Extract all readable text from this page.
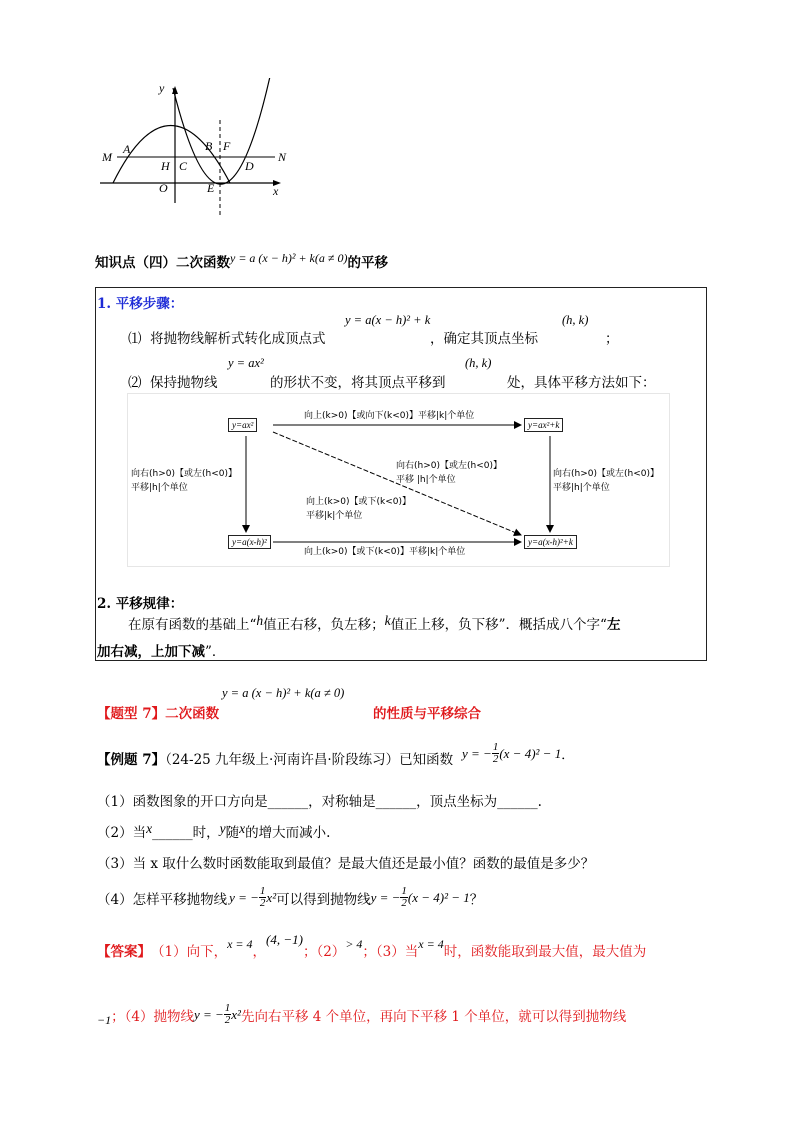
y
x
M	N
A	B F
H C	D
O	E
知识点（四）二次函数y = a (x − h)² + k(a ≠ 0)的平移
1. 平移步骤：
⑴ 将抛物线解析式转化成顶点式
y = a(x − h)² + k
，确定其顶点坐标
(h, k)
；
⑵ 保持抛物线
y = ax²
的形状不变，将其顶点平移到
(h, k)
处，具体平移方法如下：
y=ax²	y=ax²+k
y=a(x-h)²	y=a(x-h)²+k
向上(k>0)【或向下(k<0)】平移|k|个单位
向上(k>0)【或下(k<0)】平移|k|个单位
向右(h>0)【或左(h<0)】
平移|h|个单位
向右(h>0)【或左(h<0)】
平移|h|个单位
向右(h>0)【或左(h<0)】
平移 |h|个单位
向上(k>0)【或下(k<0)】
平移|k|个单位
2. 平移规律：
在原有函数的基础上“h值正右移，负左移；k值正上移，负下移”．概括成八个字“左
加右减，上加下减”．
【题型 7】二次函数
y = a (x − h)² + k(a ≠ 0)
的性质与平移综合
【例题 7】（24-25 九年级上·河南许昌·阶段练习）已知函数 y = − $\frac{1}{2} (x - 4)^2 - 1$ ．
（1）函数图象的开口方向是______，对称轴是______，顶点坐标为______.
（2）当x______时，y随x的增大而减小.
（3）当 x 取什么数时函数能取到最值？是最大值还是最小值？函数的最值是多少？
（4）怎样平移抛物线 y = − $\frac{1}{2} x^2$ 可以得到抛物线 y = − $\frac{1}{2} (x - 4)^2 - 1$ ？
【答案】 （1）向下， x = 4 ，
(4, −1)
；（2） > 4 ；（3）当 x = 4 时，函数能取到最大值，最大值为
−1 ；（4）抛物线 y = − $\frac{1}{2} x^2$ 先向右平移 4 个单位，再向下平移 1 个单位，就可以得到抛物线
